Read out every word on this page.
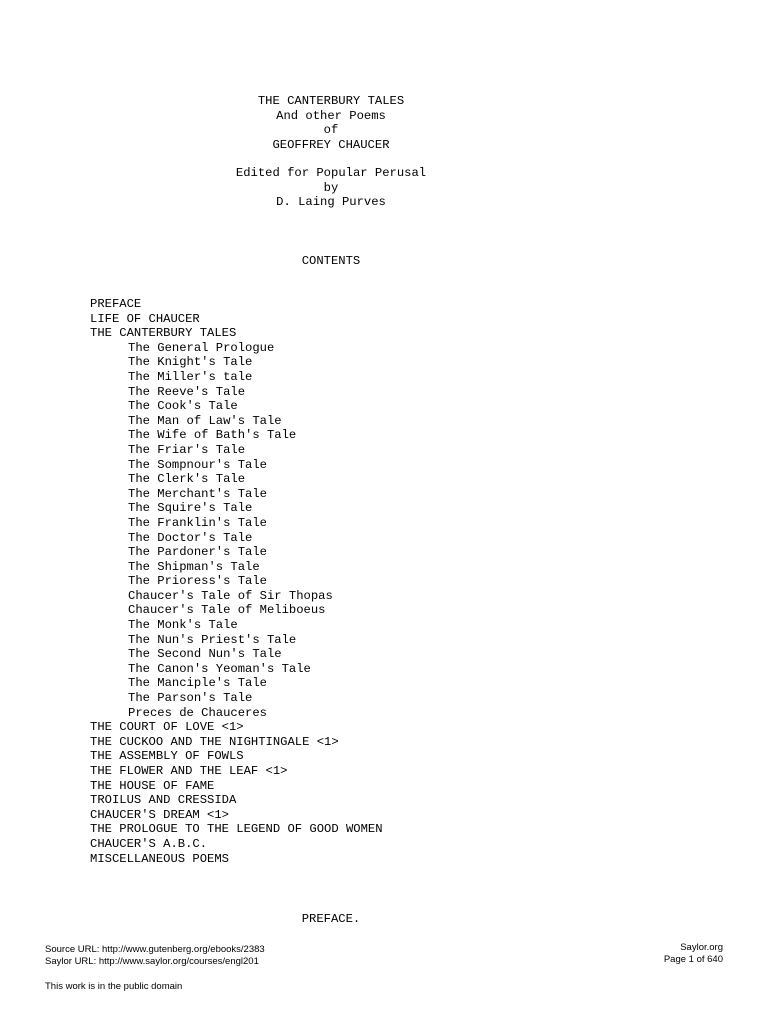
THE CANTERBURY TALES
And other Poems
of
GEOFFREY CHAUCER
Edited for Popular Perusal
by
D. Laing Purves
CONTENTS
PREFACE
LIFE OF CHAUCER
THE CANTERBURY TALES
The General Prologue
The Knight's Tale
The Miller's tale
The Reeve's Tale
The Cook's Tale
The Man of Law's Tale
The Wife of Bath's Tale
The Friar's Tale
The Sompnour's Tale
The Clerk's Tale
The Merchant's Tale
The Squire's Tale
The Franklin's Tale
The Doctor's Tale
The Pardoner's Tale
The Shipman's Tale
The Prioress's Tale
Chaucer's Tale of Sir Thopas
Chaucer's Tale of Meliboeus
The Monk's Tale
The Nun's Priest's Tale
The Second Nun's Tale
The Canon's Yeoman's Tale
The Manciple's Tale
The Parson's Tale
Preces de Chauceres
THE COURT OF LOVE <1>
THE CUCKOO AND THE NIGHTINGALE <1>
THE ASSEMBLY OF FOWLS
THE FLOWER AND THE LEAF <1>
THE HOUSE OF FAME
TROILUS AND CRESSIDA
CHAUCER'S DREAM <1>
THE PROLOGUE TO THE LEGEND OF GOOD WOMEN
CHAUCER'S A.B.C.
MISCELLANEOUS POEMS
PREFACE.
Source URL: http://www.gutenberg.org/ebooks/2383
Saylor URL: http://www.saylor.org/courses/engl201
Saylor.org
Page 1 of 640
This work is in the public domain
